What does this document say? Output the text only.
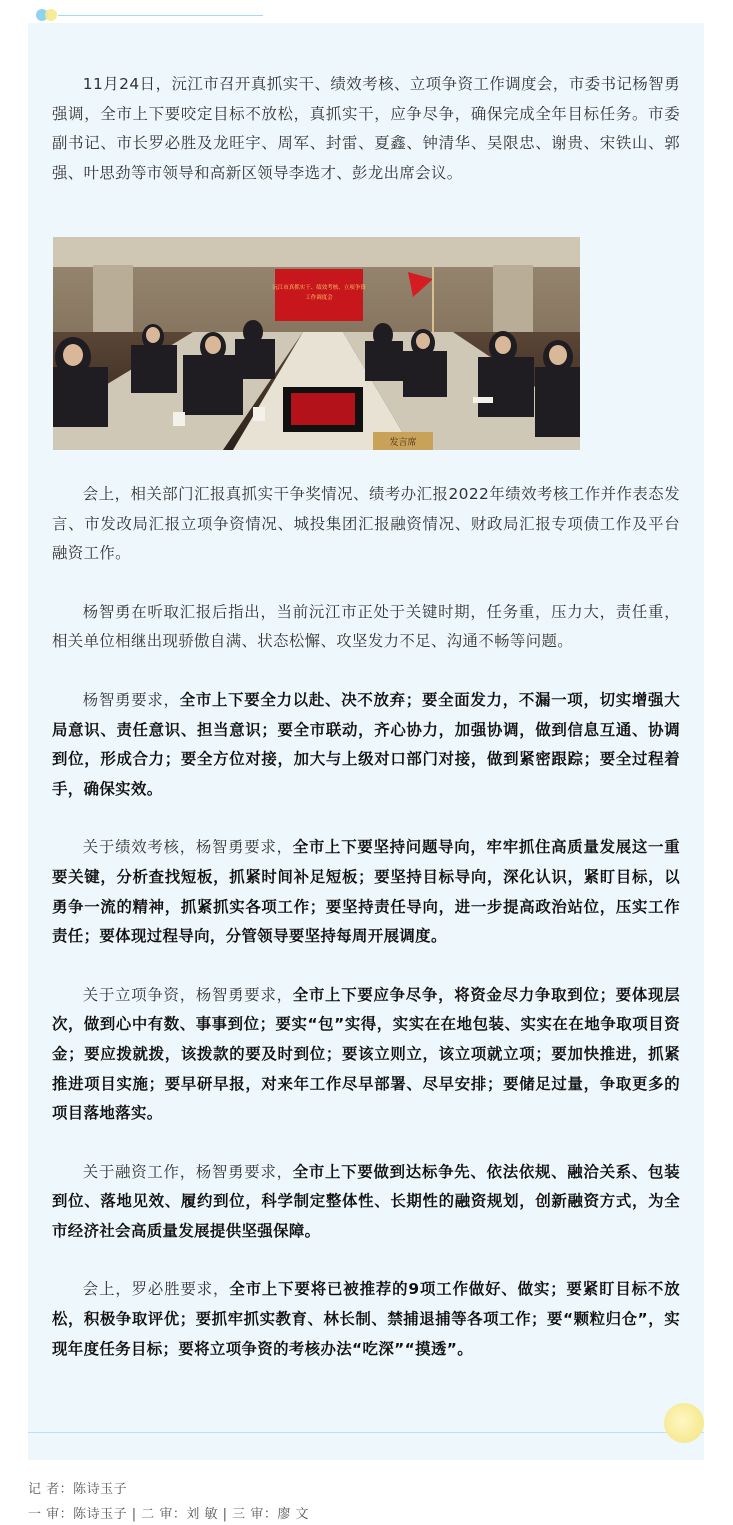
11月24日，沅江市召开真抓实干、绩效考核、立项争资工作调度会，市委书记杨智勇强调，全市上下要咬定目标不放松，真抓实干，应争尽争，确保完成全年目标任务。市委副书记、市长罗必胜及龙旺宇、周军、封雷、夏鑫、钟清华、吴限忠、谢贵、宋铁山、郭强、叶思劲等市领导和高新区领导李选才、彭龙出席会议。

沅江市真抓实干、绩效考核、立项争资
工作调度会
发言席

会上，相关部门汇报真抓实干争奖情况、绩考办汇报2022年绩效考核工作并作表态发言、市发改局汇报立项争资情况、城投集团汇报融资情况、财政局汇报专项债工作及平台融资工作。

杨智勇在听取汇报后指出，当前沅江市正处于关键时期，任务重，压力大，责任重，相关单位相继出现骄傲自满、状态松懈、攻坚发力不足、沟通不畅等问题。

杨智勇要求，全市上下要全力以赴、决不放弃；要全面发力，不漏一项，切实增强大局意识、责任意识、担当意识；要全市联动，齐心协力，加强协调，做到信息互通、协调到位，形成合力；要全方位对接，加大与上级对口部门对接，做到紧密跟踪；要全过程着手，确保实效。

关于绩效考核，杨智勇要求，全市上下要坚持问题导向，牢牢抓住高质量发展这一重要关键，分析查找短板，抓紧时间补足短板；要坚持目标导向，深化认识，紧盯目标，以勇争一流的精神，抓紧抓实各项工作；要坚持责任导向，进一步提高政治站位，压实工作责任；要体现过程导向，分管领导要坚持每周开展调度。

关于立项争资，杨智勇要求，全市上下要应争尽争，将资金尽力争取到位；要体现层次，做到心中有数、事事到位；要实“包”实得，实实在在地包装、实实在在地争取项目资金；要应拨就拨，该拨款的要及时到位；要该立则立，该立项就立项；要加快推进，抓紧推进项目实施；要早研早报，对来年工作尽早部署、尽早安排；要储足过量，争取更多的项目落地落实。

关于融资工作，杨智勇要求，全市上下要做到达标争先、依法依规、融洽关系、包装到位、落地见效、履约到位，科学制定整体性、长期性的融资规划，创新融资方式，为全市经济社会高质量发展提供坚强保障。

会上，罗必胜要求，全市上下要将已被推荐的9项工作做好、做实；要紧盯目标不放松，积极争取评优；要抓牢抓实教育、林长制、禁捕退捕等各项工作；要“颗粒归仓”，实现年度任务目标；要将立项争资的考核办法“吃深”“摸透”。

记 者：陈诗玉子
一 审：陈诗玉子 | 二 审：刘 敏 | 三 审：廖 文
